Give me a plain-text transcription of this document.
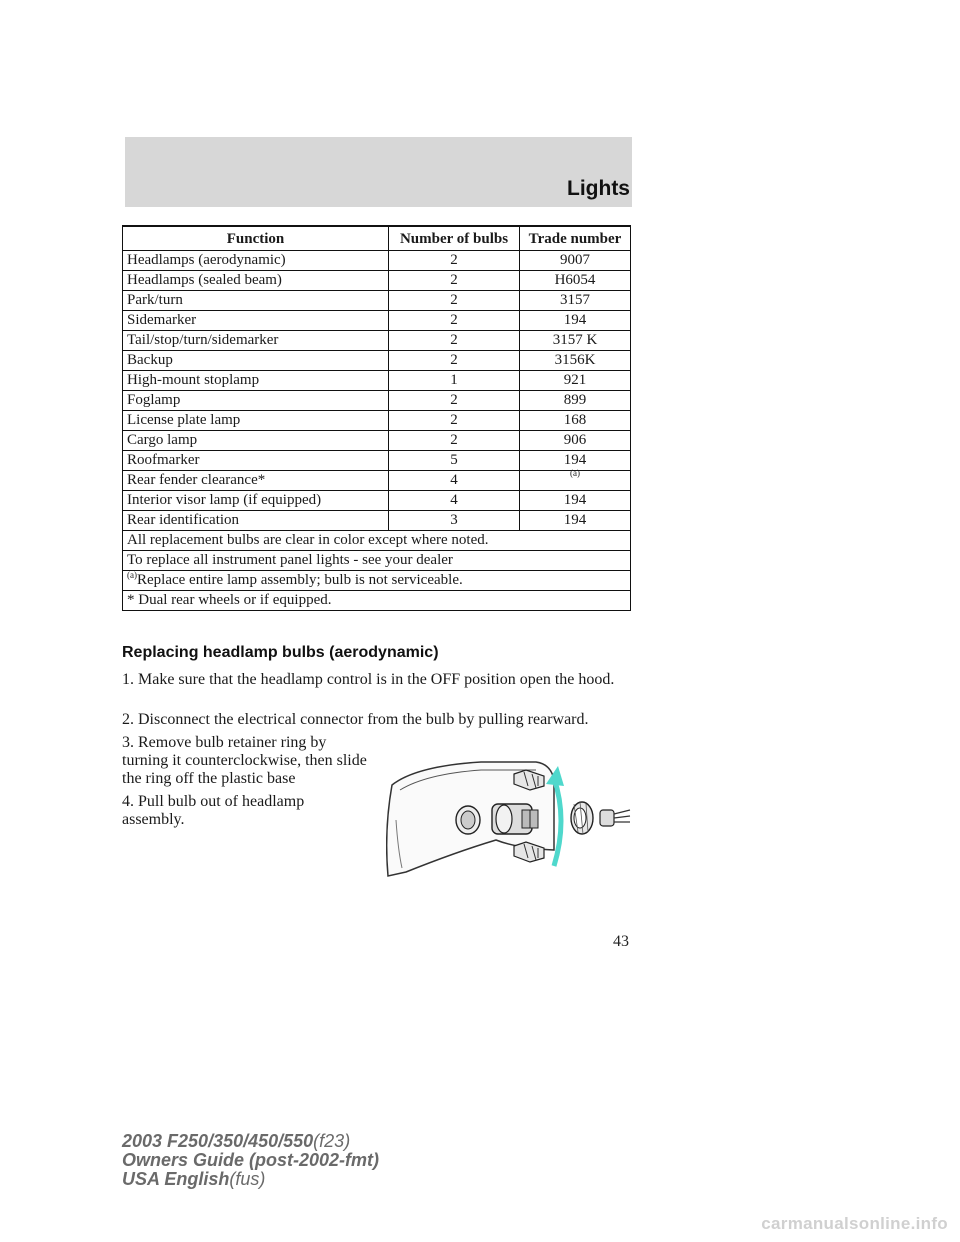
Lights
Function	Number of bulbs	Trade number
Headlamps (aerodynamic)	2	9007
Headlamps (sealed beam)	2	H6054
Park/turn	2	3157
Sidemarker	2	194
Tail/stop/turn/sidemarker	2	3157 K
Backup	2	3156K
High-mount stoplamp	1	921
Foglamp	2	899
License plate lamp	2	168
Cargo lamp	2	906
Roofmarker	5	194
Rear fender clearance*	4	$^{(a)}$
Interior visor lamp (if equipped)	4	194
Rear identification	3	194
All replacement bulbs are clear in color except where noted.		
To replace all instrument panel lights - see your dealer		
$^{(a)}$Replace entire lamp assembly; bulb is not serviceable.		
* Dual rear wheels or if equipped.		
Replacing headlamp bulbs (aerodynamic)

1. Make sure that the headlamp control is in the OFF position open the hood.

2. Disconnect the electrical connector from the bulb by pulling rearward.

3. Remove bulb retainer ring by turning it counterclockwise, then slide the ring off the plastic base

4. Pull bulb out of headlamp assembly.

43
2003 F250/350/450/550(f23)
Owners Guide (post-2002-fmt)
USA English(fus)
carmanualsonline.info
